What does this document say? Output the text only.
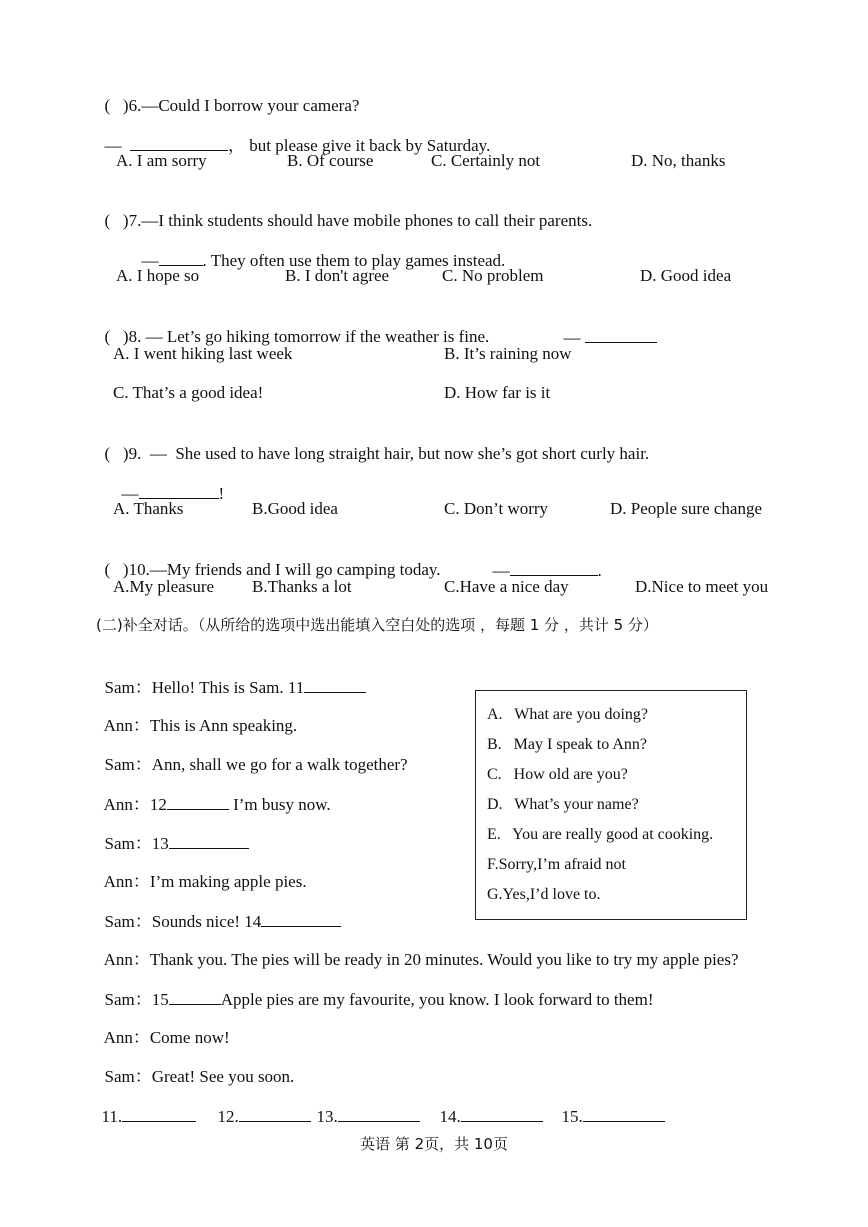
(   )6.—Could I borrow your camera?

—	， but please give it back by Saturday.

A. I am sorry	B. Of course	C. Certainly not	D. No, thanks

(   )7.—I think students should have mobile phones to call their parents.

—	. They often use them to play games instead.

A. I hope so	B. I don't agree	C. No problem	D. Good idea

(   )8. — Let’s go hiking tomorrow if the weather is fine.	—

A. I went hiking last week	B. It’s raining now
C. That’s a good idea!	D. How far is it

(   )9.  —  She used to have long straight hair, but now she’s got short curly hair.

—	!

A. Thanks	B.Good idea	C. Don’t worry	D. People sure change

(   )10.—My friends and I will go camping today.	—	.

A.My pleasure B.Thanks a lot	C.Have a nice day	D.Nice to meet you
(二)补全对话。（从所给的选项中选出能填入空白处的选项 ，每题 1 分 ，共计 5 分）

Sam：Hello! This is Sam. 11

Ann：This is Ann speaking.

Sam：Ann, shall we go for a walk together?

Ann：12	I’m busy now.

Sam：13

Ann：I’m making apple pies.

Sam：Sounds nice! 14

Ann：Thank you. The pies will be ready in 20 minutes. Would you like to try my apple pies?

Sam：15	Apple pies are my favourite, you know. I look forward to them!

Ann：Come now!

Sam：Great! See you soon.

A.   What are you doing?
B.   May I speak to Ann?
C.   How old are you?
D.   What’s your name?
E.   You are really good at cooking.
F.Sorry,I’m afraid not
G.Yes,I’d love to.

11.	12.	13.	14.	15.

英语 第 2页，共 10页
